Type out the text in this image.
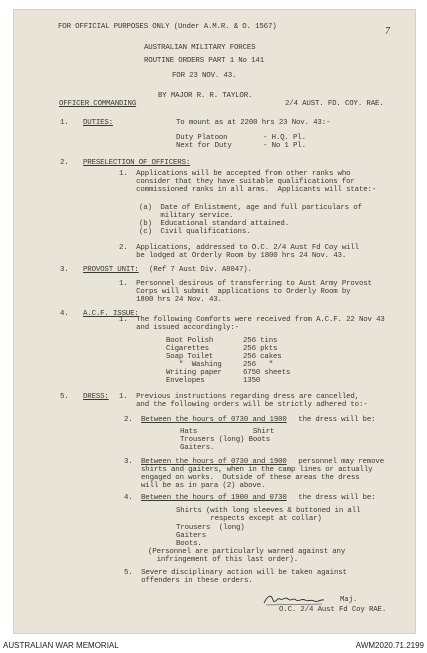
7
FOR OFFICIAL PURPOSES ONLY (Under A.M.R. & O. 1567)
AUSTRALIAN MILITARY FORCES
ROUTINE ORDERS PART 1 No 141
FOR 23 NOV. 43.
BY MAJOR R. R. TAYLOR.
OFFICER COMMANDING	2/4 AUST. FD. COY. RAE.
1. DUTIES:	To mount as at 2200 hrs 23 Nov. 43:-
Duty Platoon	- H.Q. Pl.
Next for Duty	- No 1 Pl.
2. PRESELECTION OF OFFICERS:
1.  Applications will be accepted from other ranks who
consider that they have suitable qualifications for
commissioned ranks in all arms.  Applicants will state:-
(a)  Date of Enlistment, age and full particulars of
military service.
(b)  Educational standard attained.
(c)  Civil qualifications.
2.  Applications, addressed to O.C. 2/4 Aust Fd Coy will
be lodged at Orderly Room by 1800 hrs 24 Nov. 43.
3. PROVOST UNIT: (Ref 7 Aust Div. A8047).
1.  Personnel desirous of transferring to Aust Army Provost
Corps will submit  applications to Orderly Room by
1800 hrs 24 Nov. 43.
4. A.C.F. ISSUE:
1.  The following Comforts were received from A.C.F. 22 Nov 43
and issued accordingly:-
Boot Polish	256 tins
Cigarettes	256 pkts
Soap Toilet	256 cakes
"  Washing	256   "
Writing paper	6750 sheets
Envelopes	1350
5. DRESS: 1.  Previous instructions regarding dress are cancelled,
and the following orders will be strictly adhered to:-
2. Between the hours of 0730 and 1900 the dress will be:
Hats             Shirt
Trousers (long) Boots
Gaiters.
3. Between the hours of 0730 and 1900 personnel may remove
shirts and gaiters, when in the camp lines or actually
engaged on works.  Outside of these areas the dress
will be as in para (2) above.
4. Between the hours of 1900 and 0730 the dress will be:
Shirts (with long sleeves & buttoned in all
respects except at collar)
Trousers  (long)
Gaiters
Boots.
(Personnel are particularly warned against any
infringement of this last order).
5.  Severe disciplinary action will be taken against
offenders in these orders.
Maj.
O.C. 2/4 Aust Fd Coy RAE.
AUSTRALIAN WAR MEMORIAL	AWM2020.71.2199
